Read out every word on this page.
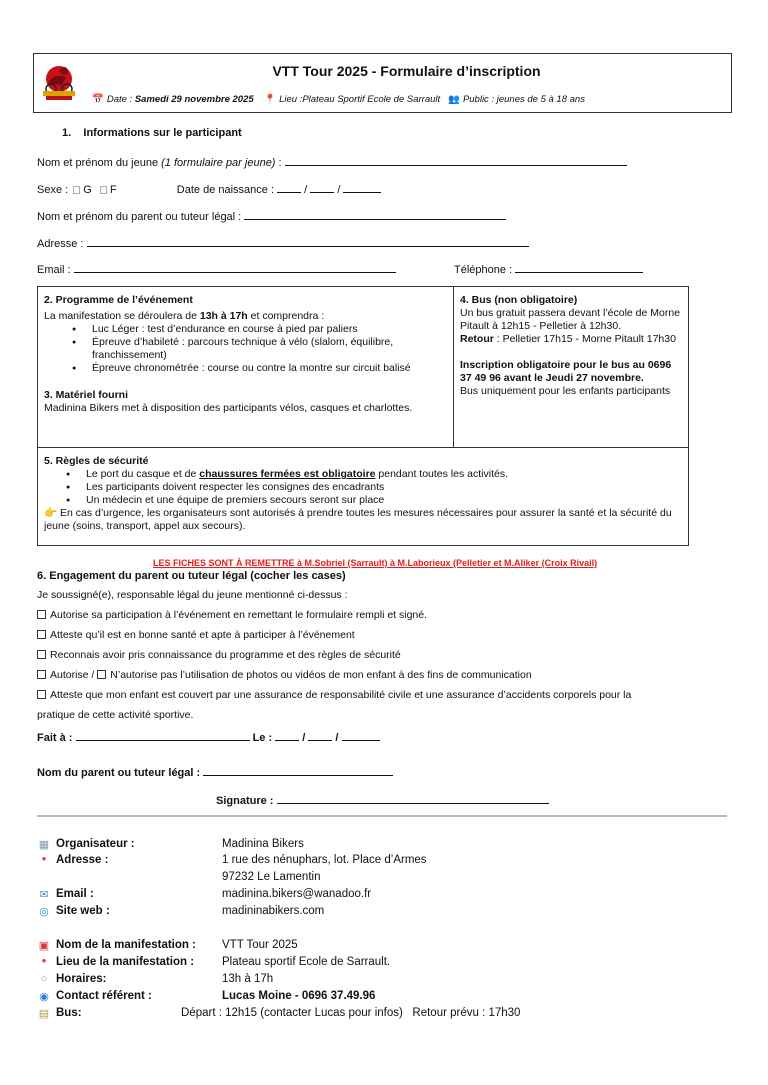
VTT Tour 2025 - Formulaire d’inscription
📅 Date : Samedi 29 novembre 2025 📍 Lieu :Plateau Sportif Ecole de Sarrault 👥 Public : jeunes de 5 à 18 ans
1.    Informations sur le participant
Nom et prénom du jeune (1 formulaire par jeune) :
Sexe : G F	Date de naissance :  /  /
Nom et prénom du parent ou tuteur légal :
Adresse :
Email :	Téléphone :
2. Programme de l’événement
La manifestation se déroulera de 13h à 17h et comprendra :
● Luc Léger : test d’endurance en course à pied par paliers
● Épreuve d’habileté : parcours technique à vélo (slalom, équilibre, franchissement)
● Épreuve chronométrée : course ou contre la montre sur circuit balisé
3. Matériel fourni
Madinina Bikers met à disposition des participants vélos, casques et charlottes.
4. Bus (non obligatoire)
Un bus gratuit passera devant l’école de Morne Pitault à 12h15 - Pelletier à 12h30.
Retour : Pelletier 17h15 - Morne Pitault 17h30
Inscription obligatoire pour le bus au 0696 37 49 96 avant le Jeudi 27 novembre.
Bus uniquement pour les enfants participants
5. Règles de sécurité
● Le port du casque et de chaussures fermées est obligatoire pendant toutes les activités.
● Les participants doivent respecter les consignes des encadrants
● Un médecin et une équipe de premiers secours seront sur place
👉 En cas d’urgence, les organisateurs sont autorisés à prendre toutes les mesures nécessaires pour assurer la santé et la sécurité du jeune (soins, transport, appel aux secours).
LES FICHES SONT À REMETTRE à M.Sobriel (Sarrault) à M.Laborieux (Pelletier et M.Aliker (Croix Rivail)
6. Engagement du parent ou tuteur légal (cocher les cases)
Je soussigné(e), responsable légal du jeune mentionné ci-dessus :
Autorise sa participation à l’événement en remettant le formulaire rempli et signé.
Atteste qu’il est en bonne santé et apte à participer à l’événement
Reconnais avoir pris connaissance du programme et des règles de sécurité
Autorise / N’autorise pas l’utilisation de photos ou vidéos de mon enfant à des fins de communication
Atteste que mon enfant est couvert par une assurance de responsabilité civile et une assurance d’accidents corporels pour la
pratique de cette activité sportive.
Fait à :	Le :  /  /
Nom du parent ou tuteur légal :
Signature :
▦ Organisateur :	Madinina Bikers
● Adresse :	1 rue des nénuphars, lot. Place d’Armes
97232 Le Lamentin
✉ Email :	madinina.bikers@wanadoo.fr
◎ Site web :	madininabikers.com
▣ Nom de la manifestation : VTT Tour 2025
● Lieu de la manifestation : Plateau sportif Ecole de Sarrault.
○ Horaires:	13h à 17h
◉ Contact référent :	Lucas Moine - 0696 37.49.96
▤ Bus:	Départ : 12h15 (contacter Lucas pour infos)   Retour prévu : 17h30
